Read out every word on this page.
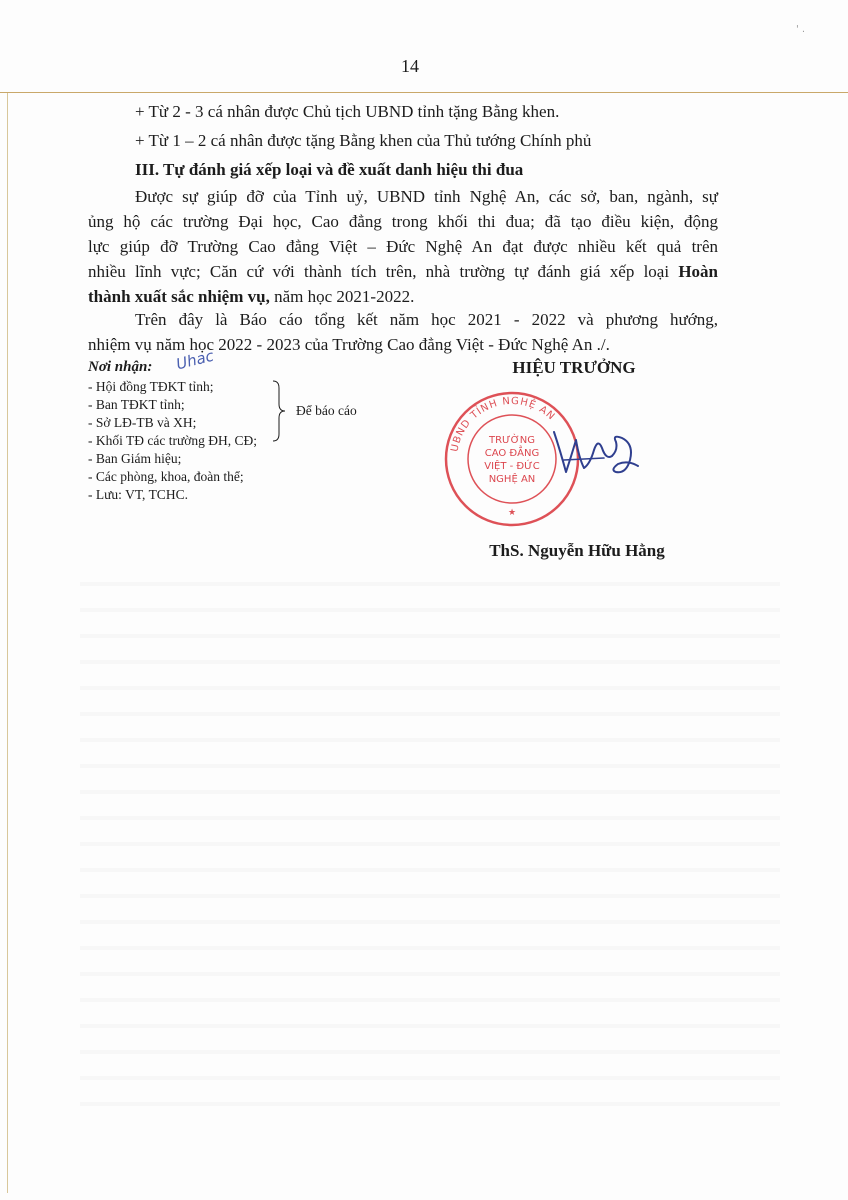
' .
14

+ Từ 2 - 3 cá nhân được Chủ tịch UBND tỉnh tặng Bằng khen.

+ Từ 1 – 2 cá nhân được tặng Bằng khen của Thủ tướng Chính phủ

III. Tự đánh giá xếp loại và đề xuất danh hiệu thi đua

Được sự giúp đỡ của Tỉnh uỷ, UBND tỉnh Nghệ An, các sở, ban, ngành, sự

ủng hộ các trường Đại học, Cao đẳng trong khối thi đua; đã tạo điều kiện, động

lực giúp đỡ Trường Cao đẳng Việt – Đức Nghệ An đạt được nhiều kết quả trên

nhiều lĩnh vực; Căn cứ với thành tích trên, nhà trường tự đánh giá xếp loại Hoàn

thành xuất sắc nhiệm vụ, năm học 2021-2022.

Trên đây là Báo cáo tổng kết năm học 2021 - 2022 và phương hướng,

nhiệm vụ năm học 2022 - 2023 của Trường Cao đẳng Việt - Đức Nghệ An ./.

Nơi nhận: Uhac
- Hội đồng TĐKT tỉnh;
- Ban TĐKT tỉnh;
- Sở LĐ-TB và XH;
- Khối TĐ các trường ĐH, CĐ;
- Ban Giám hiệu;
- Các phòng, khoa, đoàn thể;
- Lưu: VT, TCHC.
Để báo cáo
HIỆU TRƯỞNG
UBND TỈNH NGHỆ AN
TRƯỜNG
CAO ĐẲNG
VIỆT - ĐỨC
NGHỆ AN
★
ThS. Nguyễn Hữu Hằng
